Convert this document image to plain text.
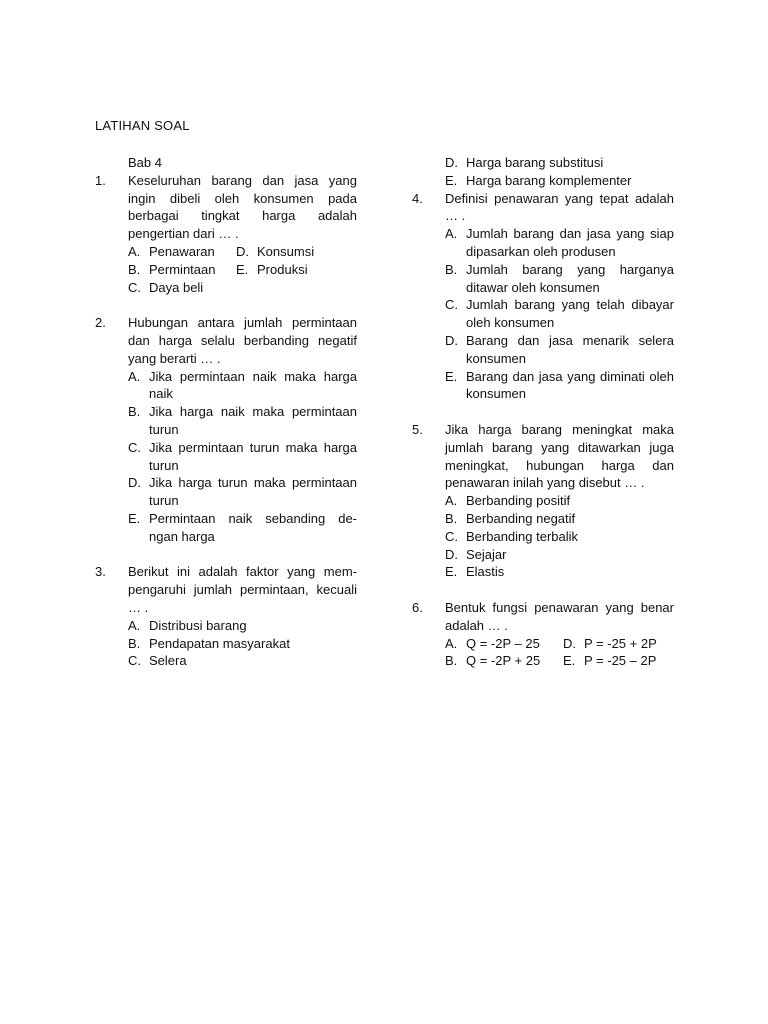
LATIHAN SOAL
Bab 4
1.	Keseluruhan barang dan jasa yang ingin dibeli oleh konsumen pada berbagai tingkat harga adalah pengertian dari … .
A. Penawaran D. Konsumsi
B. Permintaan E. Produksi
C. Daya beli
2.	Hubungan antara jumlah permintaan dan harga selalu berbanding negatif yang berarti … .
A. Jika permintaan naik maka harga naik
B. Jika harga naik maka permintaan turun
C. Jika permintaan turun maka harga turun
D. Jika harga turun maka permintaan turun
E. Permintaan naik sebanding de- ngan harga
3.	Berikut ini adalah faktor yang mem- pengaruhi jumlah permintaan, kecuali … .
A. Distribusi barang
B. Pendapatan masyarakat
C. Selera
D. Harga barang substitusi
E. Harga barang komplementer
4.	Definisi penawaran yang tepat adalah … .
A. Jumlah barang dan jasa yang siap dipasarkan oleh produsen
B. Jumlah barang yang harganya ditawar oleh konsumen
C. Jumlah barang yang telah dibayar oleh konsumen
D. Barang dan jasa menarik selera konsumen
E. Barang dan jasa yang diminati oleh konsumen
5.	Jika harga barang meningkat maka jumlah barang yang ditawarkan juga meningkat, hubungan harga dan penawaran inilah yang disebut … .
A. Berbanding positif
B. Berbanding negatif
C. Berbanding terbalik
D. Sejajar
E. Elastis
6.	Bentuk fungsi penawaran yang benar adalah … .
A. Q = -2P – 25 D. P = -25 + 2P
B. Q = -2P + 25 E. P = -25 – 2P
